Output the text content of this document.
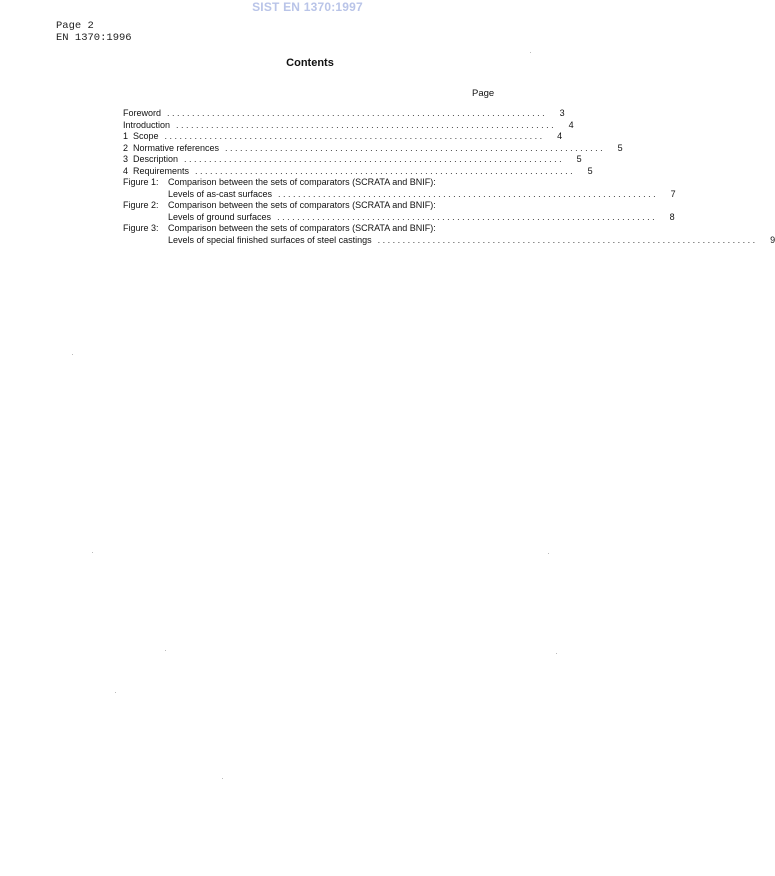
SIST EN 1370:1997
Page 2
EN 1370:1996
Contents
Page
Foreword . . .	3
Introduction . . .	4
1  Scope . . .	4
2  Normative references . . .	5
3  Description . . .	5
4  Requirements . . .	5
Figure 1:	Comparison between the sets of comparators (SCRATA and BNIF):
Levels of as-cast surfaces . . .	7
Figure 2:	Comparison between the sets of comparators (SCRATA and BNIF):
Levels of ground surfaces . . .	8
Figure 3:	Comparison between the sets of comparators (SCRATA and BNIF):
Levels of special finished surfaces of steel castings . . .	9
